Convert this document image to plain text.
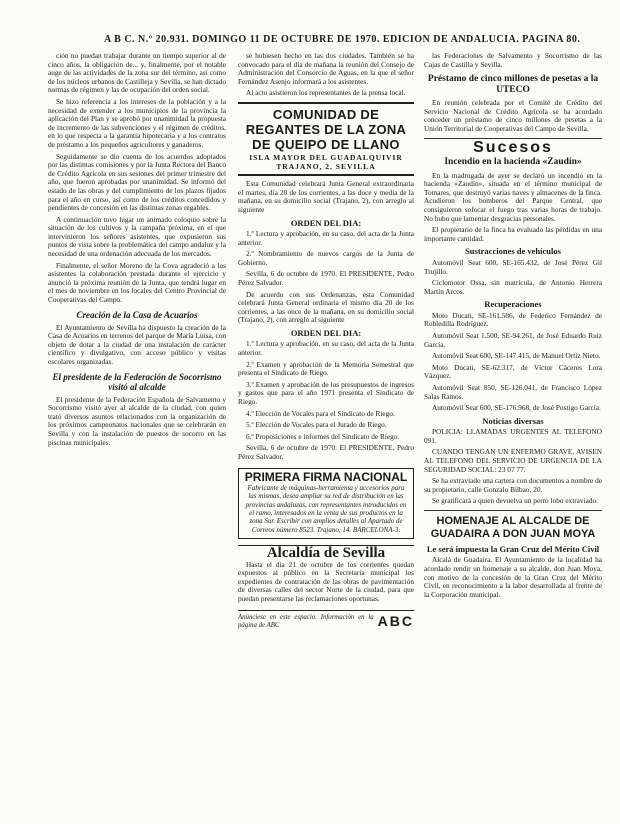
A B C. N.º 20.931. DOMINGO 11 DE OCTUBRE DE 1970. EDICION DE ANDALUCIA. PAGINA 80.

ción no puedan trabajar durante un tiempo superior al de cinco años, la obligación de... y, finalmente, por el notable auge de las actividades de la zona sur del término, así como de los núcleos urbanos de Castilleja y Sevilla, se han dictado normas de régimen y las de ocupación del orden social.

Se hizo referencia a los intereses de la población y a la necesidad de extender a los municipios de la provincia la aplicación del Plan y se aprobó por unanimidad la propuesta de incremento de las subvenciones y el régimen de créditos, en lo que respecta a la garantía hipotecaria y a los contratos de préstamo a los pequeños agricultores y ganaderos.

Seguidamente se dio cuenta de los acuerdos adoptados por las distintas comisiones y por la Junta Rectora del Banco de Crédito Agrícola en sus sesiones del primer trimestre del año, que fueron aprobadas por unanimidad. Se informó del estado de las obras y del cumplimiento de los plazos fijados para el año en curso, así como de los créditos concedidos y pendientes de concesión en las distintas zonas regables.

A continuación tuvo lugar un animado coloquio sobre la situación de los cultivos y la campaña próxima, en el que intervinieron los señores asistentes, que expusieron sus puntos de vista sobre la problemática del campo andaluz y la necesidad de una ordenación adecuada de los mercados.

Finalmente, el señor Moreno de la Cova agradeció a los asistentes la colaboración prestada durante el ejercicio y anunció la próxima reunión de la Junta, que tendrá lugar en el mes de noviembre en los locales del Centro Provincial de Cooperativas del Campo.

Creación de la Casa de Acuarios

El Ayuntamiento de Sevilla ha dispuesto la creación de la Casa de Acuarios en terrenos del parque de María Luisa, con objeto de dotar a la ciudad de una instalación de carácter científico y divulgativo, con acceso público y visitas escolares organizadas.

El presidente de la Federación de Socorrismo visitó al alcalde

El presidente de la Federación Española de Salvamento y Socorrismo visitó ayer al alcalde de la ciudad, con quien trató diversos asuntos relacionados con la organización de los próximos campeonatos nacionales que se celebrarán en Sevilla y con la instalación de puestos de socorro en las piscinas municipales.

se hubiesen hecho en las dos ciudades. También se ha convocado para el día de mañana la reunión del Consejo de Administración del Consorcio de Aguas, en la que el señor Fernández Asenjo informará a los asistentes.

Al acto asistieron los representantes de la prensa local.

COMUNIDAD DE REGANTES DE LA ZONA DE QUEIPO DE LLANO
ISLA MAYOR DEL GUADALQUIVIR TRAJANO, 2. SEVILLA

Esta Comunidad celebrará Junta General extraordinaria el martes, día 20 de los corrientes, a las doce y media de la mañana, en su domicilio social (Trajano, 2), con arreglo al siguiente

ORDEN DEL DIA:

1.º Lectura y aprobación, en su caso, del acta de la Junta anterior.

2.º Nombramiento de nuevos cargos de la Junta de Gobierno.

Sevilla, 6 de octubre de 1970. El PRESIDENTE, Pedro Pérez Salvador.

De acuerdo con sus Ordenanzas, esta Comunidad celebrará Junta General ordinaria el mismo día 20 de los corrientes, a las once de la mañana, en su domicilio social (Trajano, 2), con arreglo al siguiente

ORDEN DEL DIA:

1.º Lectura y aprobación, en su caso, del acta de la Junta anterior.

2.º Examen y aprobación de la Memoria Semestral que presenta el Sindicato de Riego.

3.º Examen y aprobación de los presupuestos de ingresos y gastos que para el año 1971 presenta el Sindicato de Riego.

4.º Elección de Vocales para el Sindicato de Riego.

5.º Elección de Vocales para el Jurado de Riego.

6.º Proposiciones e informes del Sindicato de Riego.

Sevilla, 6 de octubre de 1970. El PRESIDENTE, Pedro Pérez Salvador.

PRIMERA FIRMA NACIONAL
Fabricante de máquinas-herramienta y accesorios para las mismas, desea ampliar su red de distribución en las provincias andaluzas, con representantes introducidos en el ramo, interesados en la venta de sus productos en la zona Sur. Escribir con amplios detalles al Apartado de Correos número 8523. Trajano, 14. BARCELONA-3.
Alcaldía de Sevilla

Hasta el día 21 de octubre de los corrientes quedan expuestos al público en la Secretaría municipal los expedientes de contratación de las obras de pavimentación de diversas calles del sector Norte de la ciudad, para que puedan presentarse las reclamaciones oportunas.

Anúnciese en este espacio. Información en la página de ABC	ABC

las Federaciones de Salvamento y Socorrismo de las Cajas de Castilla y Sevilla.

Préstamo de cinco millones de pesetas a la UTECO

En reunión celebrada por el Comité de Crédito del Servicio Nacional de Crédito Agrícola se ha acordado conceder un préstamo de cinco millones de pesetas a la Unión Territorial de Cooperativas del Campo de Sevilla.

Sucesos
Incendio en la hacienda «Zaudín»

En la madrugada de ayer se declaró un incendio en la hacienda «Zaudín», situada en el término municipal de Tomares, que destruyó varias naves y almacenes de la finca. Acudieron los bomberos del Parque Central, que consiguieron sofocar el fuego tras varias horas de trabajo. No hubo que lamentar desgracias personales.

El propietario de la finca ha evaluado las pérdidas en una importante cantidad.

Sustracciones de vehículos

Automóvil Seat 600, SE-165.432, de José Pérez Gil Trujillo.

Ciclomotor Ossa, sin matrícula, de Antonio Herrera Martín Arcos.

Recuperaciones

Moto Ducati, SE-161.586, de Federico Fernández de Robledilla Rodríguez.

Automóvil Seat 1.500, SE-94.261, de José Eduardo Ruiz García.

Automóvil Seat 600, SE-147.415, de Manuel Ortiz Nieto.

Moto Ducati, SE-62.317, de Víctor Cáceres Lora Vázquez.

Automóvil Seat 850, SE-126.041, de Francisco López Salas Ramos.

Automóvil Seat 600, SE-176.968, de José Postigo García.

Noticias diversas

POLICIA: LLAMADAS URGENTES AL TELEFONO 091.

CUANDO TENGAN UN ENFERMO GRAVE, AVISEN AL TELEFONO DEL SERVICIO DE URGENCIA DE LA SEGURIDAD SOCIAL: 23 07 77.

Se ha extraviado una cartera con documentos a nombre de su propietario, calle Gonzalo Bilbao, 20.

Se gratificará a quien devuelva un perro lobo extraviado.

HOMENAJE AL ALCALDE DE GUADAIRA A DON JUAN MOYA
Le será impuesta la Gran Cruz del Mérito Civil

Alcalá de Guadaira. El Ayuntamiento de la localidad ha acordado rendir un homenaje a su alcalde, don Juan Moya, con motivo de la concesión de la Gran Cruz del Mérito Civil, en reconocimiento a la labor desarrollada al frente de la Corporación municipal.
